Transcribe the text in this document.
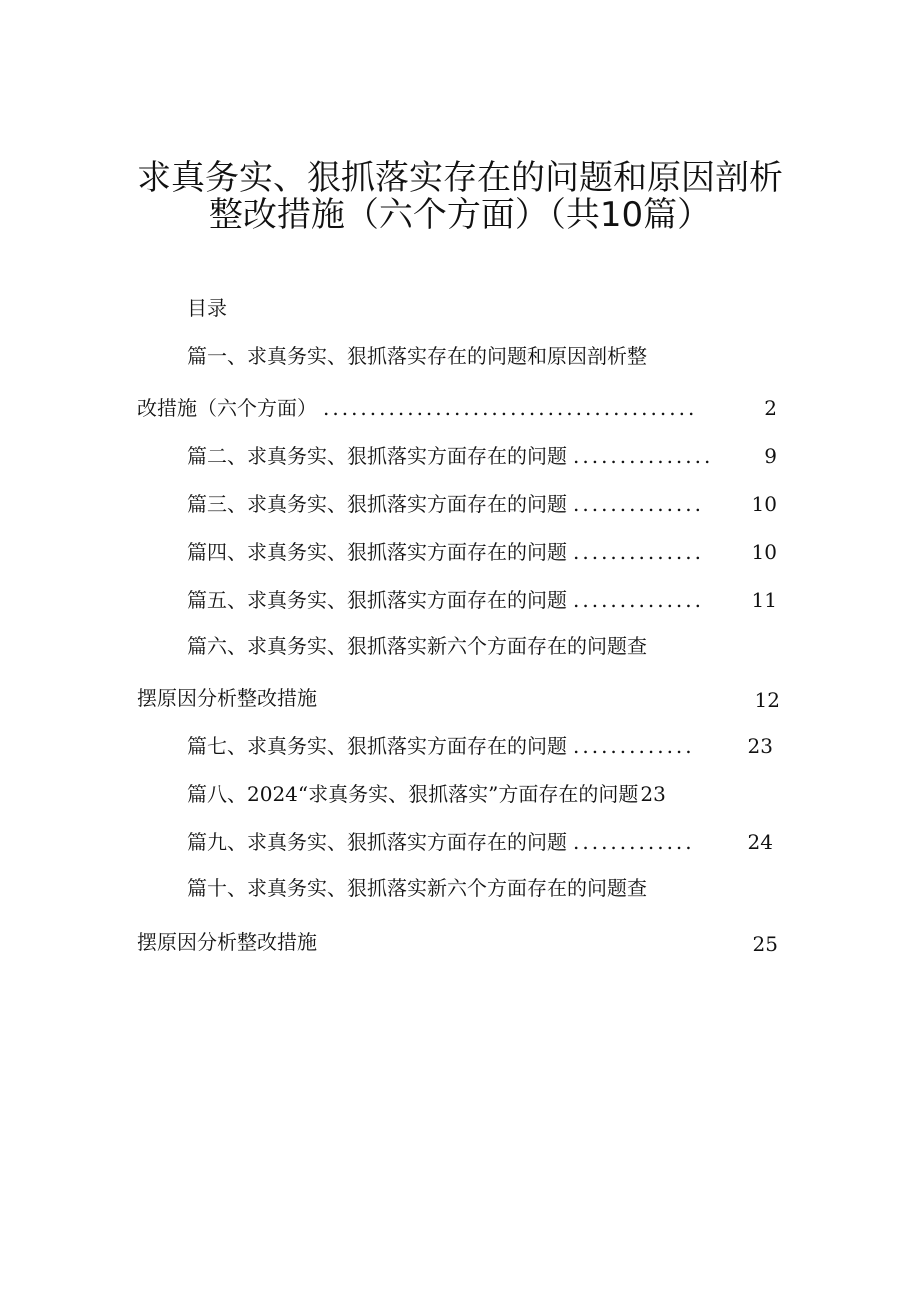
求真务实、狠抓落实存在的问题和原因剖析
整改措施（六个方面）（共10篇）
目录
篇一、求真务实、狠抓落实存在的问题和原因剖析整
改措施（六个方面） ........................................	2
篇二、求真务实、狠抓落实方面存在的问题 ...............	9
篇三、求真务实、狠抓落实方面存在的问题 ..............	10
篇四、求真务实、狠抓落实方面存在的问题 ..............	10
篇五、求真务实、狠抓落实方面存在的问题 ..............	11
篇六、求真务实、狠抓落实新六个方面存在的问题查
摆原因分析整改措施	12
篇七、求真务实、狠抓落实方面存在的问题 .............	23
篇八、2024“求真务实、狠抓落实”方面存在的问题 23
篇九、求真务实、狠抓落实方面存在的问题 .............	24
篇十、求真务实、狠抓落实新六个方面存在的问题查
摆原因分析整改措施	25
